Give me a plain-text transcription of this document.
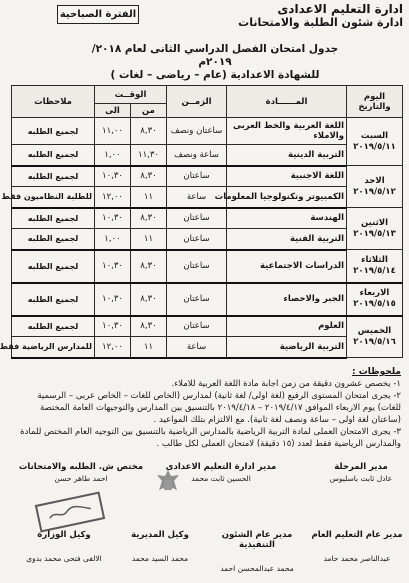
ادارة التعليم الاعدادى
ادارة شئون الطلبة والامتحانات
الفترة الصباحية
جدول امتحان الفصل الدراسي الثانى لعام ٢٠١٨/ ٢٠١٩م
للشهادة الاعدادية (عام – رياضى – لغات )
اليوم والتاريخ	المــــــادة	الزمــن	الوقــت		ملاحظات
			من	الى	
السبت ٢٠١٩/٥/١١	اللغة العربية والخط العربى والاملاء	ساعتان ونصف	٨,٣٠	١١,٠٠	لجميع الطلبه
	التربية الدينية	ساعة ونصف	١١,٣٠	١,٠٠	لجميع الطلبه
الاحد ٢٠١٩/٥/١٢	اللغة الاجنبية	ساعتان	٨,٣٠	١٠,٣٠	لجميع الطلبه
	الكمبيوتر وتكنولوجيا المعلومات	ساعة	١١	١٢,٠٠	للطلبة النظاميون فقط
الاثنين ٢٠١٩/٥/١٣	الهندسة	ساعتان	٨,٣٠	١٠,٣٠	لجميع الطلبه
	التربية الفنية	ساعتان	١١	١,٠٠	لجميع الطلبه
الثلاثاء ٢٠١٩/٥/١٤	الدراسات الاجتماعية	ساعتان	٨,٣٠	١٠,٣٠	لجميع الطلبه
الاربعاء ٢٠١٩/٥/١٥	الجبر والاحصاء	ساعتان	٨,٣٠	١٠,٣٠	لجميع الطلبه
الخميس ٢٠١٩/٥/١٦	العلوم	ساعتان	٨,٣٠	١٠,٣٠	لجميع الطلبه
	التربية الرياضية	ساعة	١١	١٢,٠٠	للمدارس الرياضية فقط
ملحوظات :

١- يخصص عشرون دقيقة من زمن اجابة مادة اللغة العربية للاملاء.

٢- يجرى امتحان المستوى الرفيع (لغة اولى/ لغة ثانية) لمدارس (الخاص للغات – الخاص عربى – الرسمية للغات) يوم الاربعاء الموافق ٢٠١٩/٤/١٧ – ٢٠١٩/٤/١٨ بالتنسيق بين المدارس والتوجيهات العامة المختصة (ساعتان لغة اولى – ساعة ونصف لغة ثانية). مع الالتزام بتلك المواعيد .

٣- يجرى الامتحان العملى لمادة التربية الرياضية بالمدارس الرياضية بالتنسيق بين التوجيه العام المختص للمادة والمدارس الرياضية فقط لعدد (١٥ دقيقة) لامتحان العملى لكل طالب .

مدير المرحلة
عادل ثابت باسليوس
مدير ادارة التعليم الاعدادى
الحسين ثابت محمد
مختص ش. الطلبه والامتحانات
احمد طاهر حسن
مدير عام التعليم العام
عبدالناصر محمد حامد
مدير عام الشئون التنفيذية
محمد عبدالمحسن احمد
وكيل المديرية
محمد السيد محمد
وكيل الوزارة
الالفى فتحى محمد بدوى
